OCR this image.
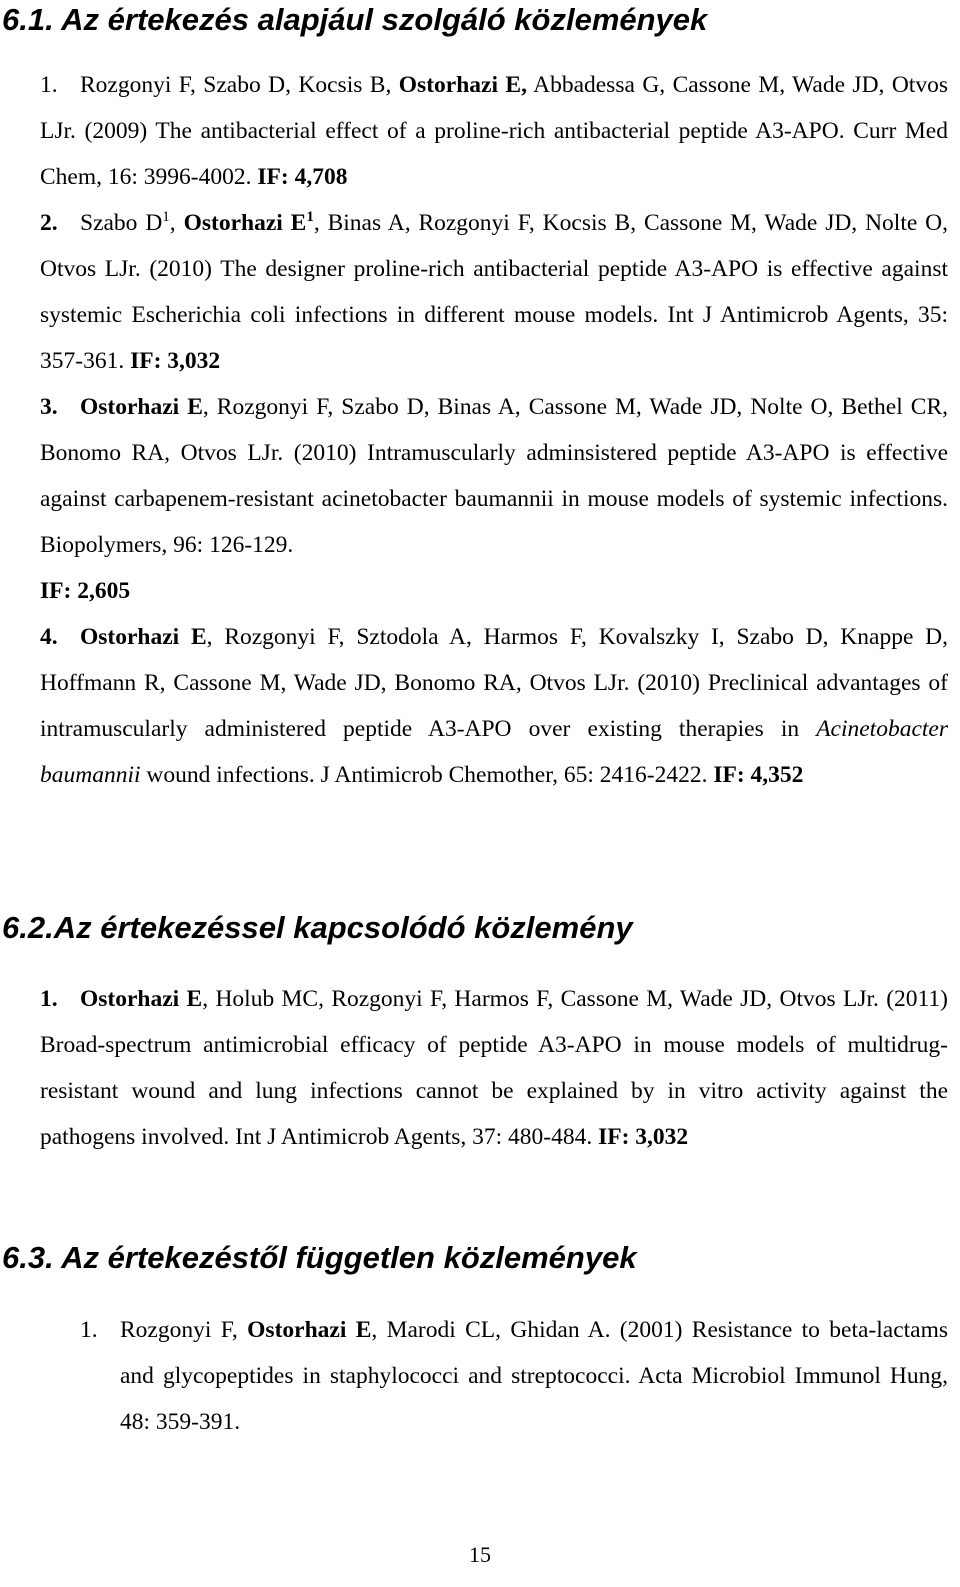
6.1. Az értekezés alapjául szolgáló közlemények
1. Rozgonyi F, Szabo D, Kocsis B, Ostorhazi E, Abbadessa G, Cassone M, Wade JD, Otvos LJr. (2009) The antibacterial effect of a proline-rich antibacterial peptide A3-APO. Curr Med Chem, 16: 3996-4002. IF: 4,708
2. Szabo $D^1$, Ostorhazi $E^1$, Binas A, Rozgonyi F, Kocsis B, Cassone M, Wade JD, Nolte O, Otvos LJr. (2010) The designer proline-rich antibacterial peptide A3-APO is effective against systemic Escherichia coli infections in different mouse models. Int J Antimicrob Agents, 35: 357-361. IF: 3,032
3. Ostorhazi E, Rozgonyi F, Szabo D, Binas A, Cassone M, Wade JD, Nolte O, Bethel CR, Bonomo RA, Otvos LJr. (2010) Intramuscularly adminsistered peptide A3-APO is effective against carbapenem-resistant acinetobacter baumannii in mouse models of systemic infections. Biopolymers, 96: 126-129.
IF: 2,605
4. Ostorhazi E, Rozgonyi F, Sztodola A, Harmos F, Kovalszky I, Szabo D, Knappe D, Hoffmann R, Cassone M, Wade JD, Bonomo RA, Otvos LJr. (2010) Preclinical advantages of intramuscularly administered peptide A3-APO over existing therapies in Acinetobacter baumannii wound infections. J Antimicrob Chemother, 65: 2416-2422. IF: 4,352
6.2.Az értekezéssel kapcsolódó közlemény
1. Ostorhazi E, Holub MC, Rozgonyi F, Harmos F, Cassone M, Wade JD, Otvos LJr. (2011) Broad-spectrum antimicrobial efficacy of peptide A3-APO in mouse models of multidrug-resistant wound and lung infections cannot be explained by in vitro activity against the pathogens involved. Int J Antimicrob Agents, 37: 480-484. IF: 3,032
6.3. Az értekezéstől független közlemények
1. Rozgonyi F, Ostorhazi E, Marodi CL, Ghidan A. (2001) Resistance to beta-lactams and glycopeptides in staphylococci and streptococci. Acta Microbiol Immunol Hung, 48: 359-391.
15
